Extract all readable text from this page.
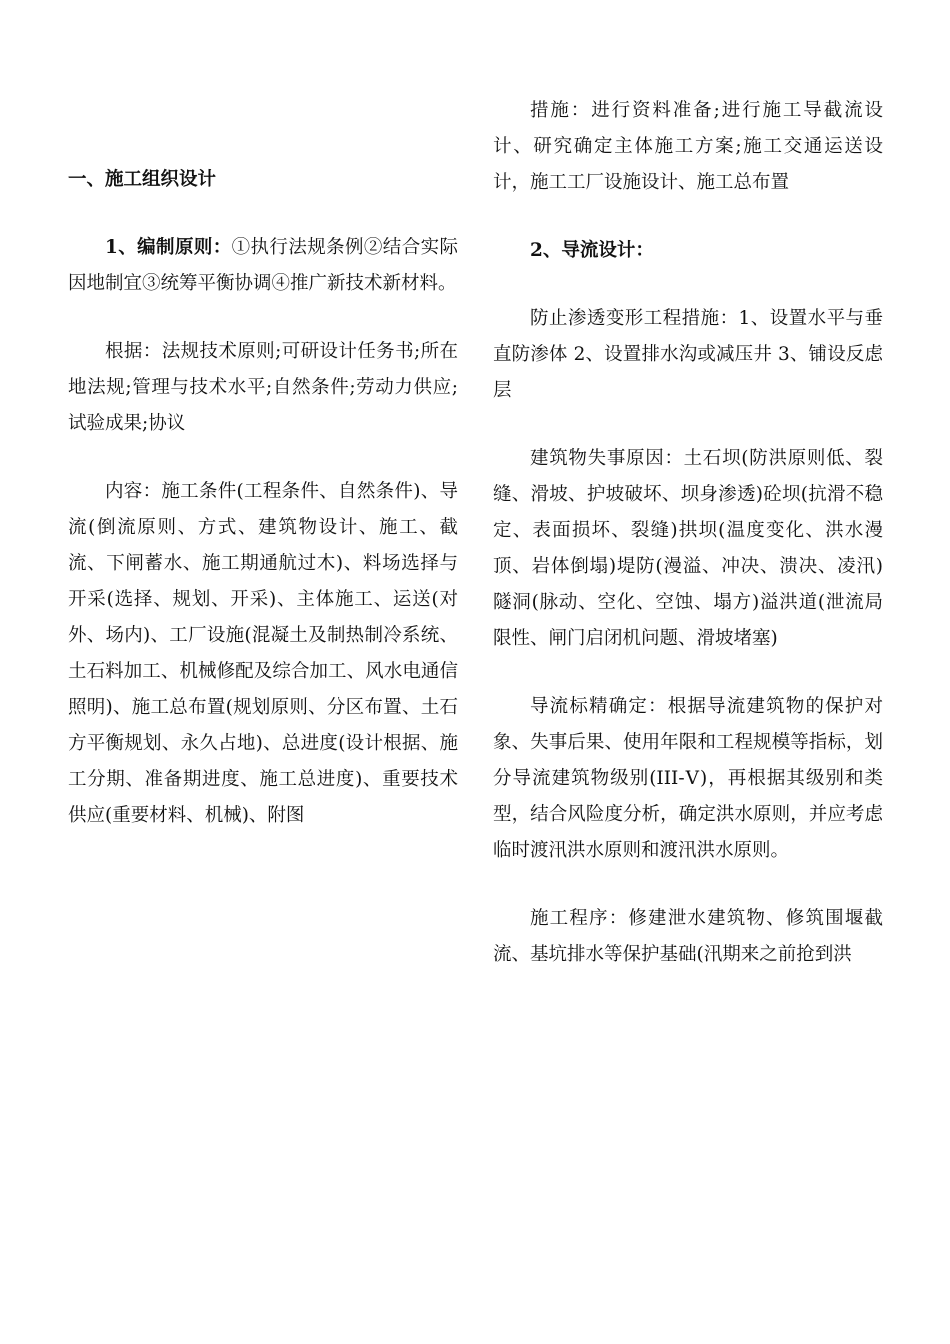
一、施工组织设计

1、编制原则：①执行法规条例②结合实际因地制宜③统筹平衡协调④推广新技术新材料。

根据：法规技术原则;可研设计任务书;所在地法规;管理与技术水平;自然条件;劳动力供应;试验成果;协议

内容：施工条件(工程条件、自然条件)、导流(倒流原则、方式、建筑物设计、施工、截流、下闸蓄水、施工期通航过木)、料场选择与开采(选择、规划、开采)、主体施工、运送(对外、场内)、工厂设施(混凝土及制热制冷系统、土石料加工、机械修配及综合加工、风水电通信照明)、施工总布置(规划原则、分区布置、土石方平衡规划、永久占地)、总进度(设计根据、施工分期、准备期进度、施工总进度)、重要技术供应(重要材料、机械)、附图

措施：进行资料准备;进行施工导截流设计、研究确定主体施工方案;施工交通运送设计，施工工厂设施设计、施工总布置

2、导流设计：

防止渗透变形工程措施：1、设置水平与垂直防渗体 2、设置排水沟或减压井 3、铺设反虑层

建筑物失事原因：土石坝(防洪原则低、裂缝、滑坡、护坡破坏、坝身渗透)砼坝(抗滑不稳定、表面损坏、裂缝)拱坝(温度变化、洪水漫顶、岩体倒塌)堤防(漫溢、冲决、溃决、凌汛)隧洞(脉动、空化、空蚀、塌方)溢洪道(泄流局限性、闸门启闭机问题、滑坡堵塞)

导流标精确定：根据导流建筑物的保护对象、失事后果、使用年限和工程规模等指标，划分导流建筑物级别(III-Ⅴ)，再根据其级别和类型，结合风险度分析，确定洪水原则，并应考虑临时渡汛洪水原则和渡汛洪水原则。

施工程序：修建泄水建筑物、修筑围堰截流、基坑排水等保护基础(汛期来之前抢到洪
